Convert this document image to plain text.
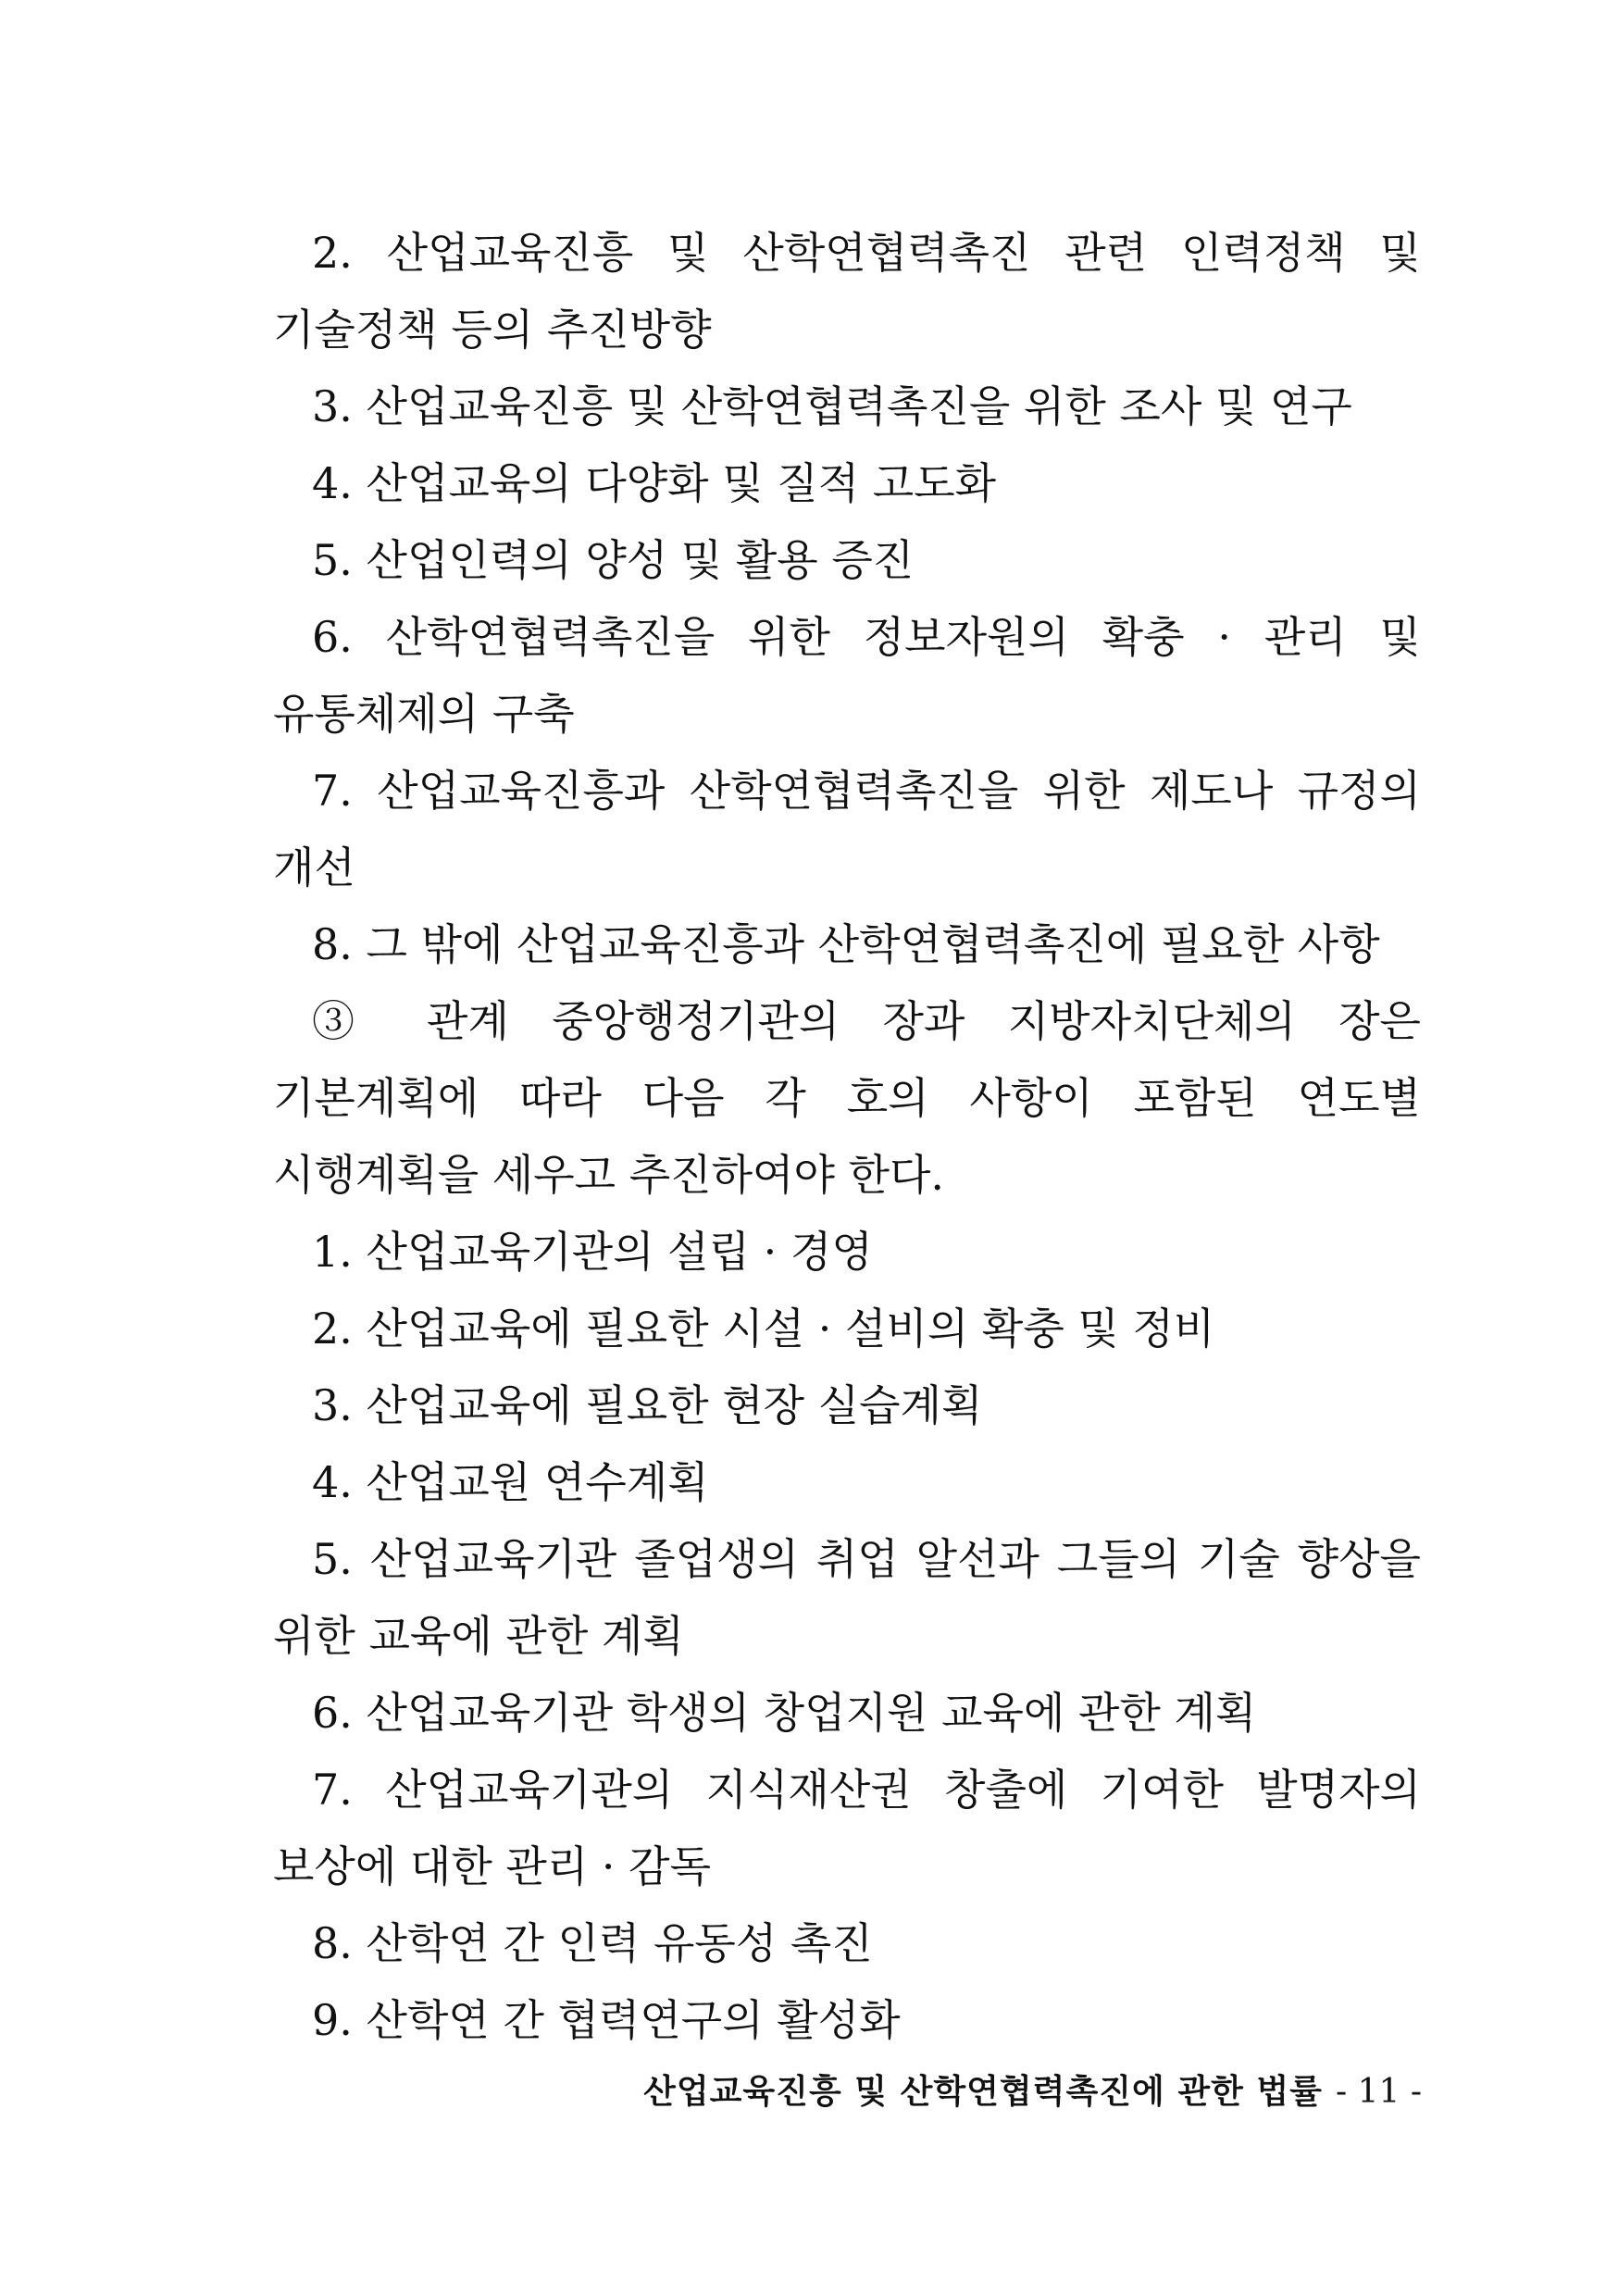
2. 산업교육진흥 및 산학연협력촉진 관련 인력정책 및 기술정책 등의 추진방향

3. 산업교육진흥 및 산학연협력촉진을 위한 조사 및 연구

4. 산업교육의 다양화 및 질적 고도화

5. 산업인력의 양성 및 활용 증진

6. 산학연협력촉진을 위한 정보자원의 확충 · 관리 및 유통체제의 구축

7. 산업교육진흥과 산학연협력촉진을 위한 제도나 규정의 개선

8. 그 밖에 산업교육진흥과 산학연협력촉진에 필요한 사항

③ 관계 중앙행정기관의 장과 지방자치단체의 장은 기본계획에 따라 다음 각 호의 사항이 포함된 연도별 시행계획을 세우고 추진하여야 한다.

1. 산업교육기관의 설립 · 경영

2. 산업교육에 필요한 시설 · 설비의 확충 및 정비

3. 산업교육에 필요한 현장 실습계획

4. 산업교원 연수계획

5. 산업교육기관 졸업생의 취업 알선과 그들의 기술 향상을 위한 교육에 관한 계획

6. 산업교육기관 학생의 창업지원 교육에 관한 계획

7. 산업교육기관의 지식재산권 창출에 기여한 발명자의 보상에 대한 관리 · 감독

8. 산학연 간 인력 유동성 촉진

9. 산학연 간 협력연구의 활성화

산업교육진흥 및 산학연협력촉진에 관한 법률 - 11 -
